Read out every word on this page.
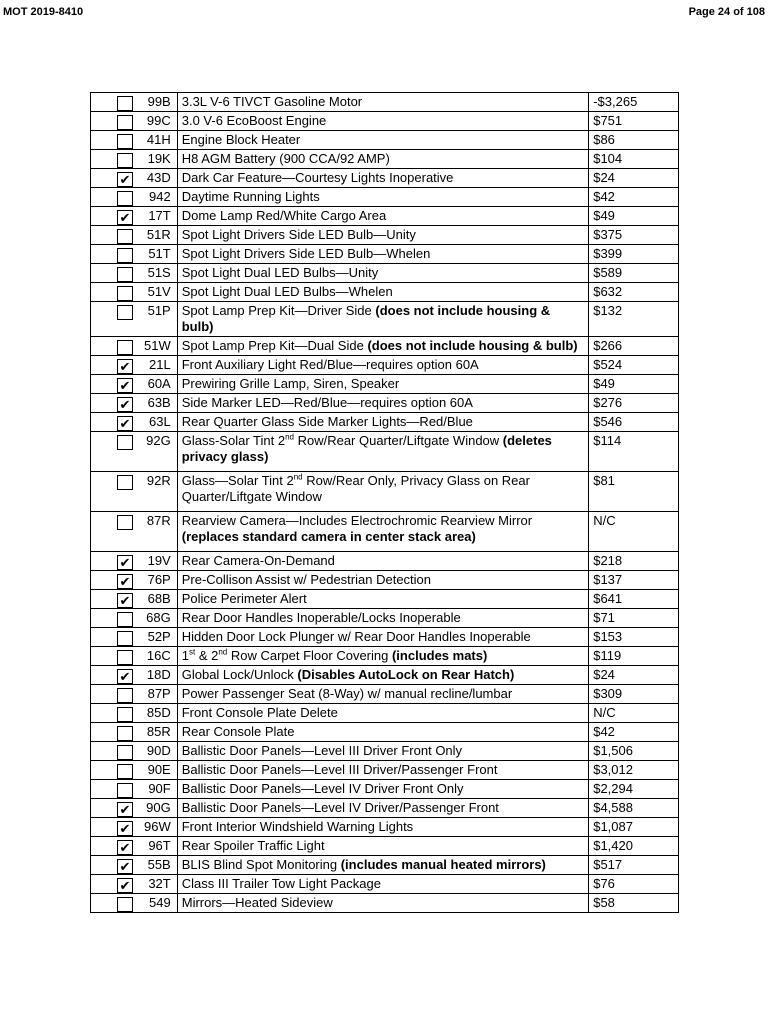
MOT 2019-8410	Page 24 of 108
99B	3.3L V-6 TIVCT Gasoline Motor	-$3,265

99C	3.0 V-6 EcoBoost Engine	$751

41H	Engine Block Heater	$86

19K	H8 AGM Battery (900 CCA/92 AMP)	$104

✔ 43D	Dark Car Feature—Courtesy Lights Inoperative	$24

942	Daytime Running Lights	$42

✔ 17T	Dome Lamp Red/White Cargo Area	$49

51R	Spot Light Drivers Side LED Bulb—Unity	$375

51T	Spot Light Drivers Side LED Bulb—Whelen	$399

51S	Spot Light Dual LED Bulbs—Unity	$589

51V	Spot Light Dual LED Bulbs—Whelen	$632

51P	Spot Lamp Prep Kit—Driver Side (does not include housing & bulb)	$132

51W	Spot Lamp Prep Kit—Dual Side (does not include housing & bulb)	$266

✔ 21L	Front Auxiliary Light Red/Blue—requires option 60A	$524

✔ 60A	Prewiring Grille Lamp, Siren, Speaker	$49

✔ 63B	Side Marker LED—Red/Blue—requires option 60A	$276

✔ 63L	Rear Quarter Glass Side Marker Lights—Red/Blue	$546

92G	Glass-Solar Tint 2nd Row/Rear Quarter/Liftgate Window (deletes privacy glass)	$114

92R	Glass—Solar Tint 2nd Row/Rear Only, Privacy Glass on Rear Quarter/Liftgate Window	$81

87R	Rearview Camera—Includes Electrochromic Rearview Mirror (replaces standard camera in center stack area)	N/C

✔ 19V	Rear Camera-On-Demand	$218

✔ 76P	Pre-Collison Assist w/ Pedestrian Detection	$137

✔ 68B	Police Perimeter Alert	$641

68G	Rear Door Handles Inoperable/Locks Inoperable	$71

52P	Hidden Door Lock Plunger w/ Rear Door Handles Inoperable	$153

16C	1st & 2nd Row Carpet Floor Covering (includes mats)	$119

✔ 18D	Global Lock/Unlock (Disables AutoLock on Rear Hatch)	$24

87P	Power Passenger Seat (8-Way) w/ manual recline/lumbar	$309

85D	Front Console Plate Delete	N/C

85R	Rear Console Plate	$42

90D	Ballistic Door Panels—Level III Driver Front Only	$1,506

90E	Ballistic Door Panels—Level III Driver/Passenger Front	$3,012

90F	Ballistic Door Panels—Level IV Driver Front Only	$2,294

✔ 90G	Ballistic Door Panels—Level IV Driver/Passenger Front	$4,588

✔ 96W	Front Interior Windshield Warning Lights	$1,087

✔ 96T	Rear Spoiler Traffic Light	$1,420

✔ 55B	BLIS Blind Spot Monitoring (includes manual heated mirrors)	$517

✔ 32T	Class III Trailer Tow Light Package	$76

549	Mirrors—Heated Sideview	$58
